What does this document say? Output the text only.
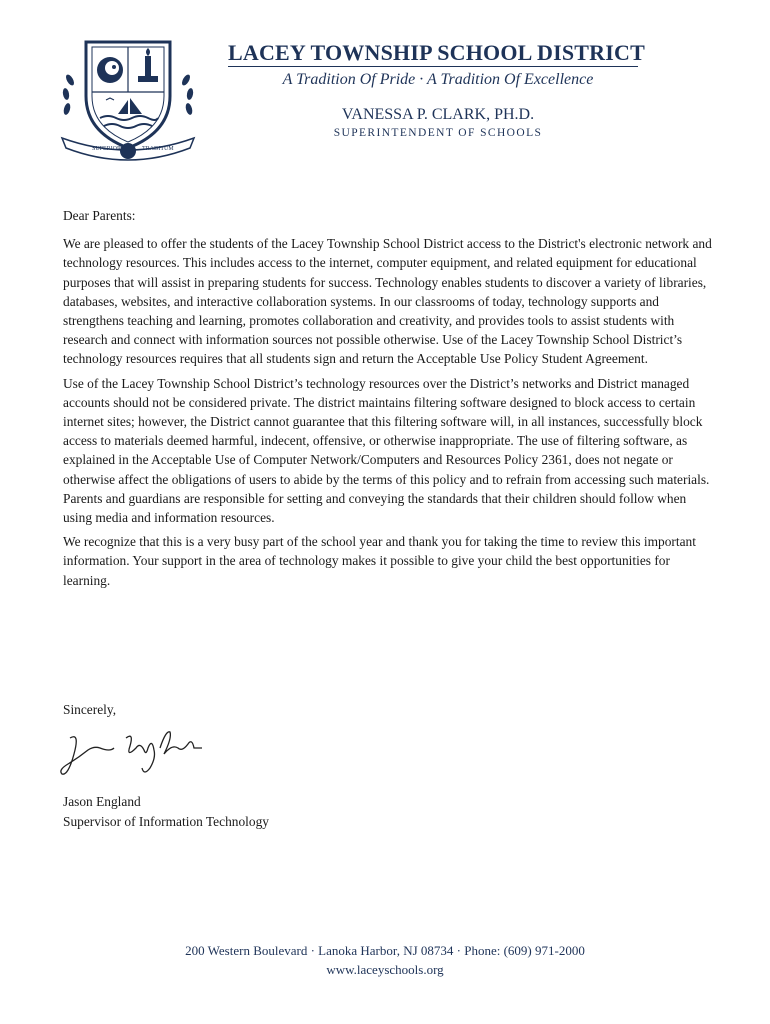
SUPERIORA	TRADITUM
LACEY TOWNSHIP SCHOOL DISTRICT
A Tradition Of Pride · A Tradition Of Excellence
VANESSA P. CLARK, PH.D.
SUPERINTENDENT OF SCHOOLS

Dear Parents:

We are pleased to offer the students of the Lacey Township School District access to the District's electronic network and technology resources. This includes access to the internet, computer equipment, and related equipment for educational purposes that will assist in preparing students for success. Technology enables students to discover a variety of libraries, databases, websites, and interactive collaboration systems. In our classrooms of today, technology supports and strengthens teaching and learning, promotes collaboration and creativity, and provides tools to assist students with research and connect with information sources not possible otherwise. Use of the Lacey Township School District’s technology resources requires that all students sign and return the Acceptable Use Policy Student Agreement.

Use of the Lacey Township School District’s technology resources over the District’s networks and District managed accounts should not be considered private. The district maintains filtering software designed to block access to certain internet sites; however, the District cannot guarantee that this filtering software will, in all instances, successfully block access to materials deemed harmful, indecent, offensive, or otherwise inappropriate. The use of filtering software, as explained in the Acceptable Use of Computer Network/Computers and Resources Policy 2361, does not negate or otherwise affect the obligations of users to abide by the terms of this policy and to refrain from accessing such materials. Parents and guardians are responsible for setting and conveying the standards that their children should follow when using media and information resources.

We recognize that this is a very busy part of the school year and thank you for taking the time to review this important information. Your support in the area of technology makes it possible to give your child the best opportunities for learning.

Sincerely,
Jason England
Supervisor of Information Technology
200 Western Boulevard · Lanoka Harbor, NJ 08734 · Phone: (609) 971-2000
www.laceyschools.org
